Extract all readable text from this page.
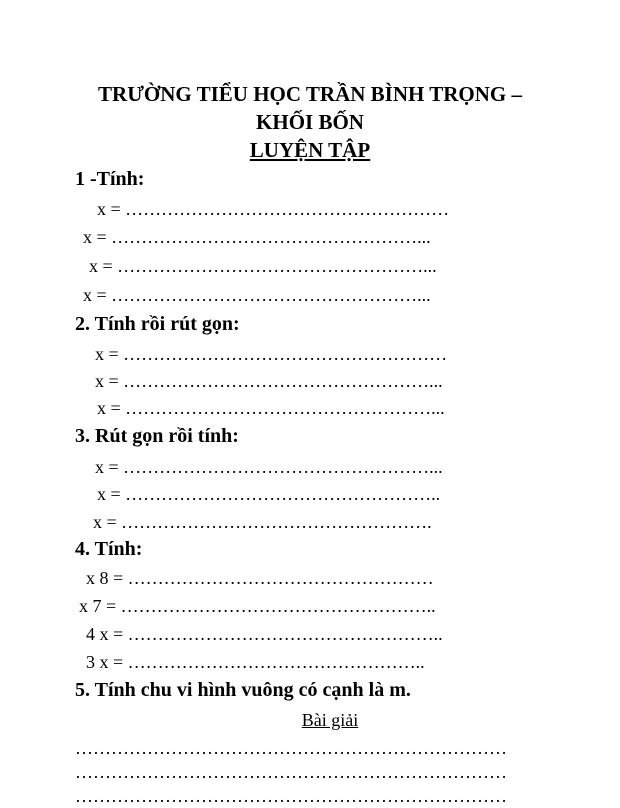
TRƯỜNG TIỂU HỌC TRẦN BÌNH TRỌNG –
KHỐI BỐN
LUYỆN TẬP
1 -Tính:
x = ………………………………………………
x = ……………………………………………...
x = ……………………………………………...
x = ……………………………………………...
2. Tính rồi rút gọn:
x = ………………………………………………
x = ……………………………………………...
x = ……………………………………………...
3. Rút gọn rồi tính:
x = ……………………………………………...
x = ……………………………………………..
x = …………………………………………….
4. Tính:
x 8 = ……………………………………………
x 7 = ……………………………………………..
4 x = ……………………………………………..
3 x = …………………………………………..
5. Tính chu vi hình vuông có cạnh là m.
Bài giải
………………………………………………………………
………………………………………………………………
………………………………………………………………
